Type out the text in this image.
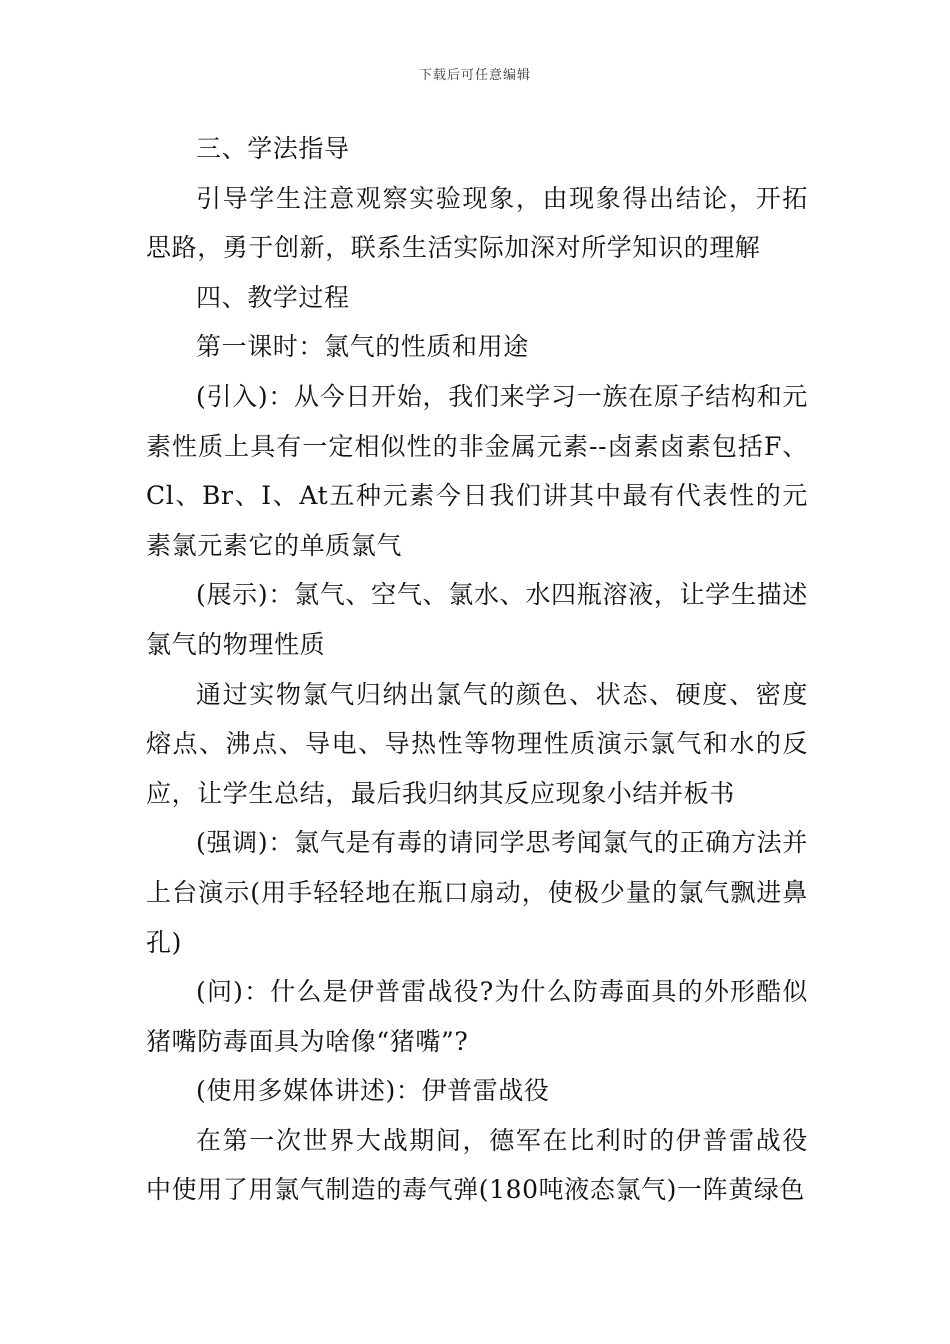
下载后可任意编辑

三、学法指导

引导学生注意观察实验现象，由现象得出结论，开拓思路，勇于创新，联系生活实际加深对所学知识的理解

四、教学过程

第一课时：氯气的性质和用途

(引入)：从今日开始，我们来学习一族在原子结构和元素性质上具有一定相似性的非金属元素--卤素卤素包括F、Cl、Br、I、At五种元素今日我们讲其中最有代表性的元素氯元素它的单质氯气

(展示)：氯气、空气、氯水、水四瓶溶液，让学生描述氯气的物理性质

通过实物氯气归纳出氯气的颜色、状态、硬度、密度熔点、沸点、导电、导热性等物理性质演示氯气和水的反应，让学生总结，最后我归纳其反应现象小结并板书

(强调)：氯气是有毒的请同学思考闻氯气的正确方法并上台演示(用手轻轻地在瓶口扇动，使极少量的氯气飘进鼻孔)

(问)：什么是伊普雷战役?为什么防毒面具的外形酷似猪嘴防毒面具为啥像“猪嘴”?

(使用多媒体讲述)：伊普雷战役

在第一次世界大战期间，德军在比利时的伊普雷战役中使用了用氯气制造的毒气弹(180吨液态氯气)一阵黄绿色
